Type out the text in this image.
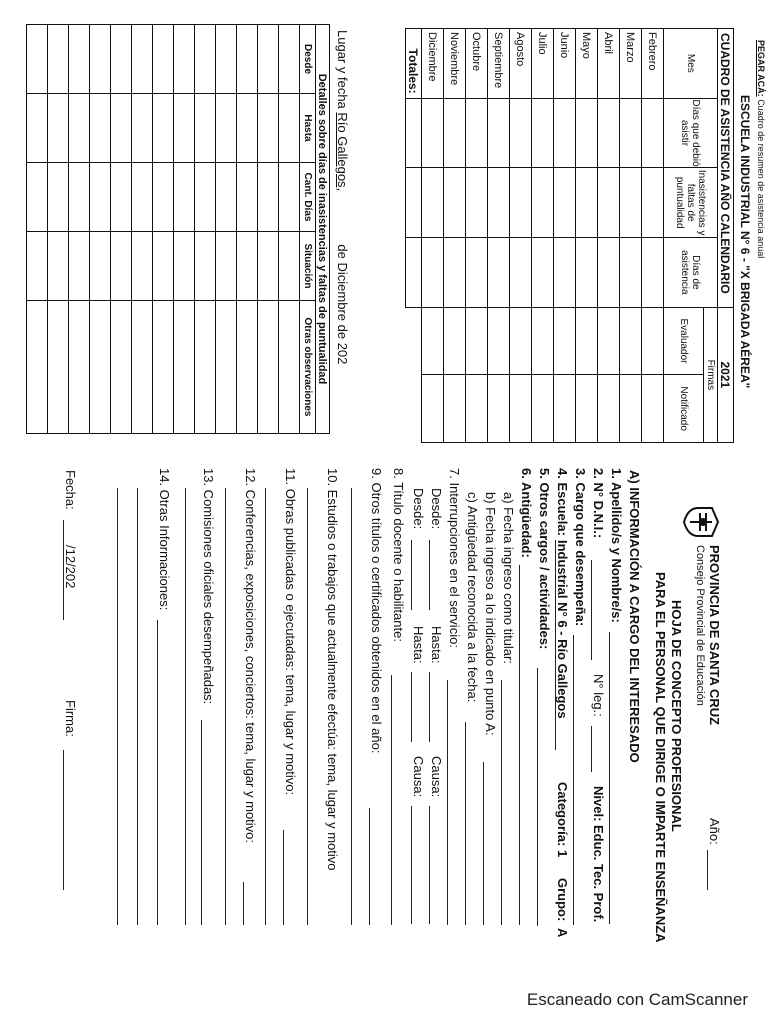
PEGAR ACÁ: Cuadro de resumen de asistencia anual
ESCUELA INDUSTRIAL N° 6 - "X BRIGADA AÉREA"
CUADRO DE ASISTENCIA AÑO CALENDARIO				2021	
Mes	Días que debió asistir	Inasistencias y faltas de puntualidad	Días de asistencia	Firmas	
				Evaluador	Notificado
Febrero					
Marzo					
Abril					
Mayo					
Junio					
Julio					
Agosto					
Septiembre					
Octubre					
Noviembre					
Diciembre					
Totales:					
Lugar y fecha Río Gallegos,  de Diciembre de 202
Detalles sobre días de inasistencias y faltas de puntualidad				
Desde	Hasta	Cant. Días	Situación	Otras observaciones

PROVINCIA DE SANTA CRUZ
Consejo Provincial de Educación
Año:
HOJA DE CONCEPTO PROFESIONAL
PARA EL PERSONAL QUE DIRIGE O IMPARTE ENSEÑANZA
A) INFORMACIÓN A CARGO DEL INTERESADO
1. Apellido/s y Nombre/s:
2. N° D.N.I.:
N° leg.:
Nivel: Educ. Tec. Prof.
3. Cargo que desempeña:
4. Escuela:
Industrial N° 6 - Río Gallegos
Categoría:
1
Grupo:
A
5. Otros cargos / actividades:
6. Antigüedad:
a) Fecha ingreso como titular:
b) Fecha ingreso a lo indicado en punto A:
c) Antigüedad reconocida a la fecha:
7. Interrupciones en el servicio:
Desde:
Hasta:
Causa:
Desde:
Hasta:
Causa:
8. Título docente o habilitante:
9. Otros títulos o certificados obtenidos en el año:
10. Estudios o trabajos que actualmente efectúa: tema, lugar y motivo
11. Obras publicadas o ejecutadas: tema, lugar y motivo:
12. Conferencias, exposiciones, conciertos: tema, lugar y motivo:
13. Comisiones oficiales desempeñadas:
14. Otras Informaciones:
Fecha:
/12/202
Firma:
Escaneado con CamScanner
